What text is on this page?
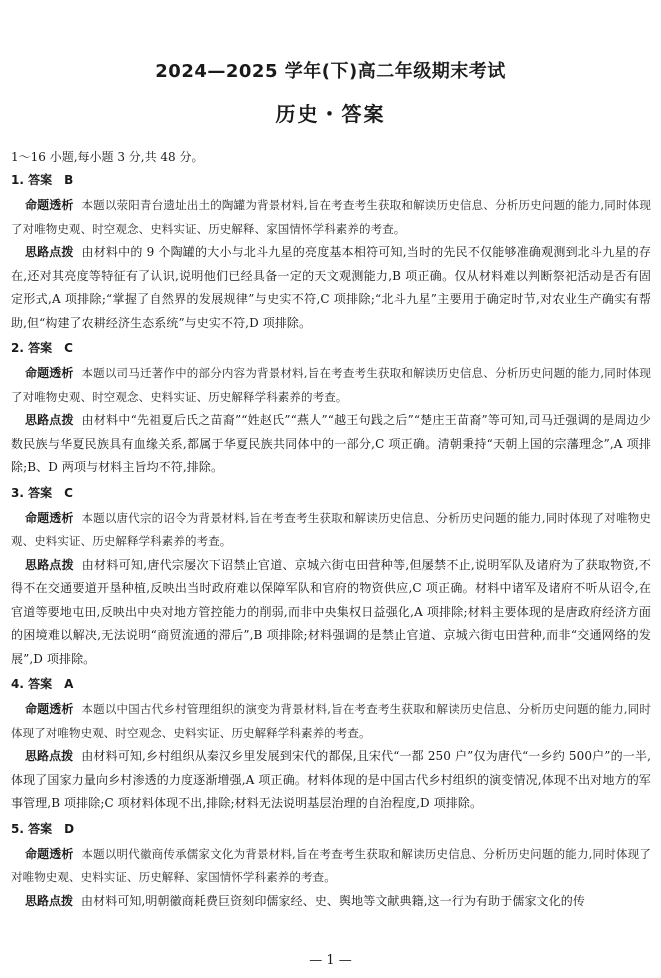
2024—2025 学年(下)高二年级期末考试
历史・答案
1～16 小题,每小题 3 分,共 48 分。
1. 答案　B
命题透析 本题以荥阳青台遗址出土的陶罐为背景材料,旨在考查考生获取和解读历史信息、分析历史问题的能力,同时体现了对唯物史观、时空观念、史料实证、历史解释、家国情怀学科素养的考查。
思路点拨 由材料中的 9 个陶罐的大小与北斗九星的亮度基本相符可知,当时的先民不仅能够准确观测到北斗九星的存在,还对其亮度等特征有了认识,说明他们已经具备一定的天文观测能力,B 项正确。仅从材料难以判断祭祀活动是否有固定形式,A 项排除;“掌握了自然界的发展规律”与史实不符,C 项排除;“北斗九星”主要用于确定时节,对农业生产确实有帮助,但“构建了农耕经济生态系统”与史实不符,D 项排除。
2. 答案　C
命题透析 本题以司马迁著作中的部分内容为背景材料,旨在考查考生获取和解读历史信息、分析历史问题的能力,同时体现了对唯物史观、时空观念、史料实证、历史解释学科素养的考查。
思路点拨 由材料中“先祖夏后氏之苗裔”“姓赵氏”“燕人”“越王句践之后”“楚庄王苗裔”等可知,司马迁强调的是周边少数民族与华夏民族具有血缘关系,都属于华夏民族共同体中的一部分,C 项正确。清朝秉持“天朝上国的宗藩理念”,A 项排除;B、D 两项与材料主旨均不符,排除。
3. 答案　C
命题透析 本题以唐代宗的诏令为背景材料,旨在考查考生获取和解读历史信息、分析历史问题的能力,同时体现了对唯物史观、史料实证、历史解释学科素养的考查。
思路点拨 由材料可知,唐代宗屡次下诏禁止官道、京城六街屯田营种等,但屡禁不止,说明军队及诸府为了获取物资,不得不在交通要道开垦种植,反映出当时政府难以保障军队和官府的物资供应,C 项正确。材料中诸军及诸府不听从诏令,在官道等要地屯田,反映出中央对地方管控能力的削弱,而非中央集权日益强化,A 项排除;材料主要体现的是唐政府经济方面的困境难以解决,无法说明“商贸流通的滞后”,B 项排除;材料强调的是禁止官道、京城六街屯田营种,而非“交通网络的发展”,D 项排除。
4. 答案　A
命题透析 本题以中国古代乡村管理组织的演变为背景材料,旨在考查考生获取和解读历史信息、分析历史问题的能力,同时体现了对唯物史观、时空观念、史料实证、历史解释学科素养的考查。
思路点拨 由材料可知,乡村组织从秦汉乡里发展到宋代的都保,且宋代“一都 250 户”仅为唐代“一乡约 500户”的一半,体现了国家力量向乡村渗透的力度逐渐增强,A 项正确。材料体现的是中国古代乡村组织的演变情况,体现不出对地方的军事管理,B 项排除;C 项材料体现不出,排除;材料无法说明基层治理的自治程度,D 项排除。
5. 答案　D
命题透析 本题以明代徽商传承儒家文化为背景材料,旨在考查考生获取和解读历史信息、分析历史问题的能力,同时体现了对唯物史观、史料实证、历史解释、家国情怀学科素养的考查。
思路点拨 由材料可知,明朝徽商耗费巨资刻印儒家经、史、舆地等文献典籍,这一行为有助于儒家文化的传
— 1 —
